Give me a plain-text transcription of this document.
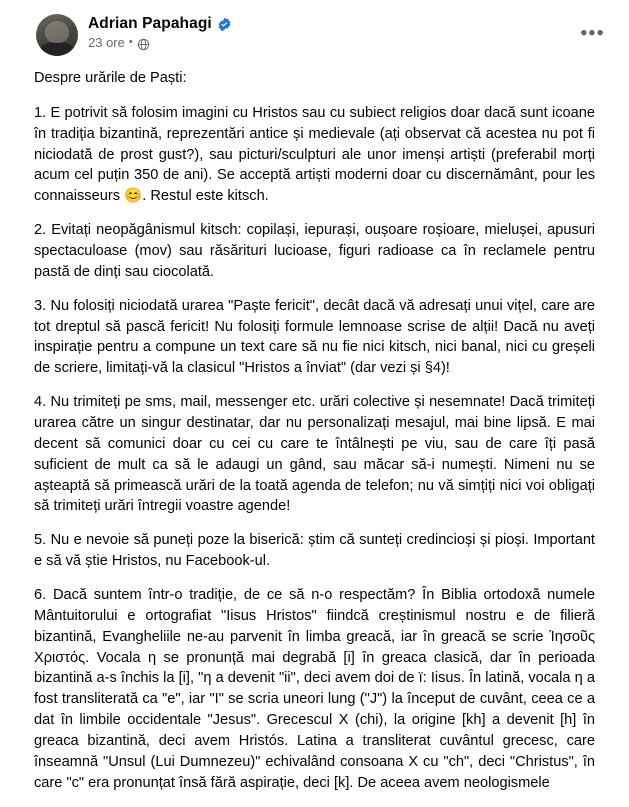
Adrian Papahagi
23 ore •	•••

Despre urările de Paști:

1. E potrivit să folosim imagini cu Hristos sau cu subiect religios doar dacă sunt icoane în tradiția bizantină, reprezentări antice și medievale (ați observat că acestea nu pot fi niciodată de prost gust?), sau picturi/sculpturi ale unor imenși artiști (preferabil morți acum cel puțin 350 de ani). Se acceptă artiști moderni doar cu discernământ, pour les connaisseurs 😊. Restul este kitsch.

2. Evitați neopăgânismul kitsch: copilași, iepurași, oușoare roșioare, mielușei, apusuri spectaculoase (mov) sau răsărituri lucioase, figuri radioase ca în reclamele pentru pastă de dinți sau ciocolată.

3. Nu folosiți niciodată urarea "Paște fericit", decât dacă vă adresați unui vițel, care are tot dreptul să pască fericit! Nu folosiți formule lemnoase scrise de alții! Dacă nu aveți inspirație pentru a compune un text care să nu fie nici kitsch, nici banal, nici cu greșeli de scriere, limitați-vă la clasicul "Hristos a înviat" (dar vezi și §4)!

4. Nu trimiteți pe sms, mail, messenger etc. urări colective și nesemnate! Dacă trimiteți urarea către un singur destinatar, dar nu personalizați mesajul, mai bine lipsă. E mai decent să comunici doar cu cei cu care te întâlnești pe viu, sau de care îți pasă suficient de mult ca să le adaugi un gând, sau măcar să-i numești. Nimeni nu se așteaptă să primească urări de la toată agenda de telefon; nu vă simțiți nici voi obligați să trimiteți urări întregii voastre agende!

5. Nu e nevoie să puneți poze la biserică: știm că sunteți credincioși și pioși. Important e să vă știe Hristos, nu Facebook-ul.

6. Dacă suntem într-o tradiție, de ce să n-o respectăm? În Biblia ortodoxă numele Mântuitorului e ortografiat "Iisus Hristos" fiindcă creștinismul nostru e de filieră bizantină, Evangheliile ne-au parvenit în limba greacă, iar în greacă se scrie Ἰησοῦς Χριστός. Vocala η se pronunță mai degrabă [i] în greaca clasică, dar în perioada bizantină a-s închis la [i], "η a devenit "ii", deci avem doi de ï: Iisus. În latină, vocala η a fost transliterată ca "e", iar "I" se scria uneori lung ("J") la început de cuvânt, ceea ce a dat în limbile occidentale "Jesus". Grecescul Χ (chi), la origine [kh] a devenit [h] în greaca bizantină, deci avem Hristós. Latina a transliterat cuvântul grecesc, care înseamnă "Unsul (Lui Dumnezeu)" echivalând consoana Χ cu "ch", deci "Christus", în care "c" era pronunțat însă fără aspirație, deci [k]. De aceea avem neologismele
